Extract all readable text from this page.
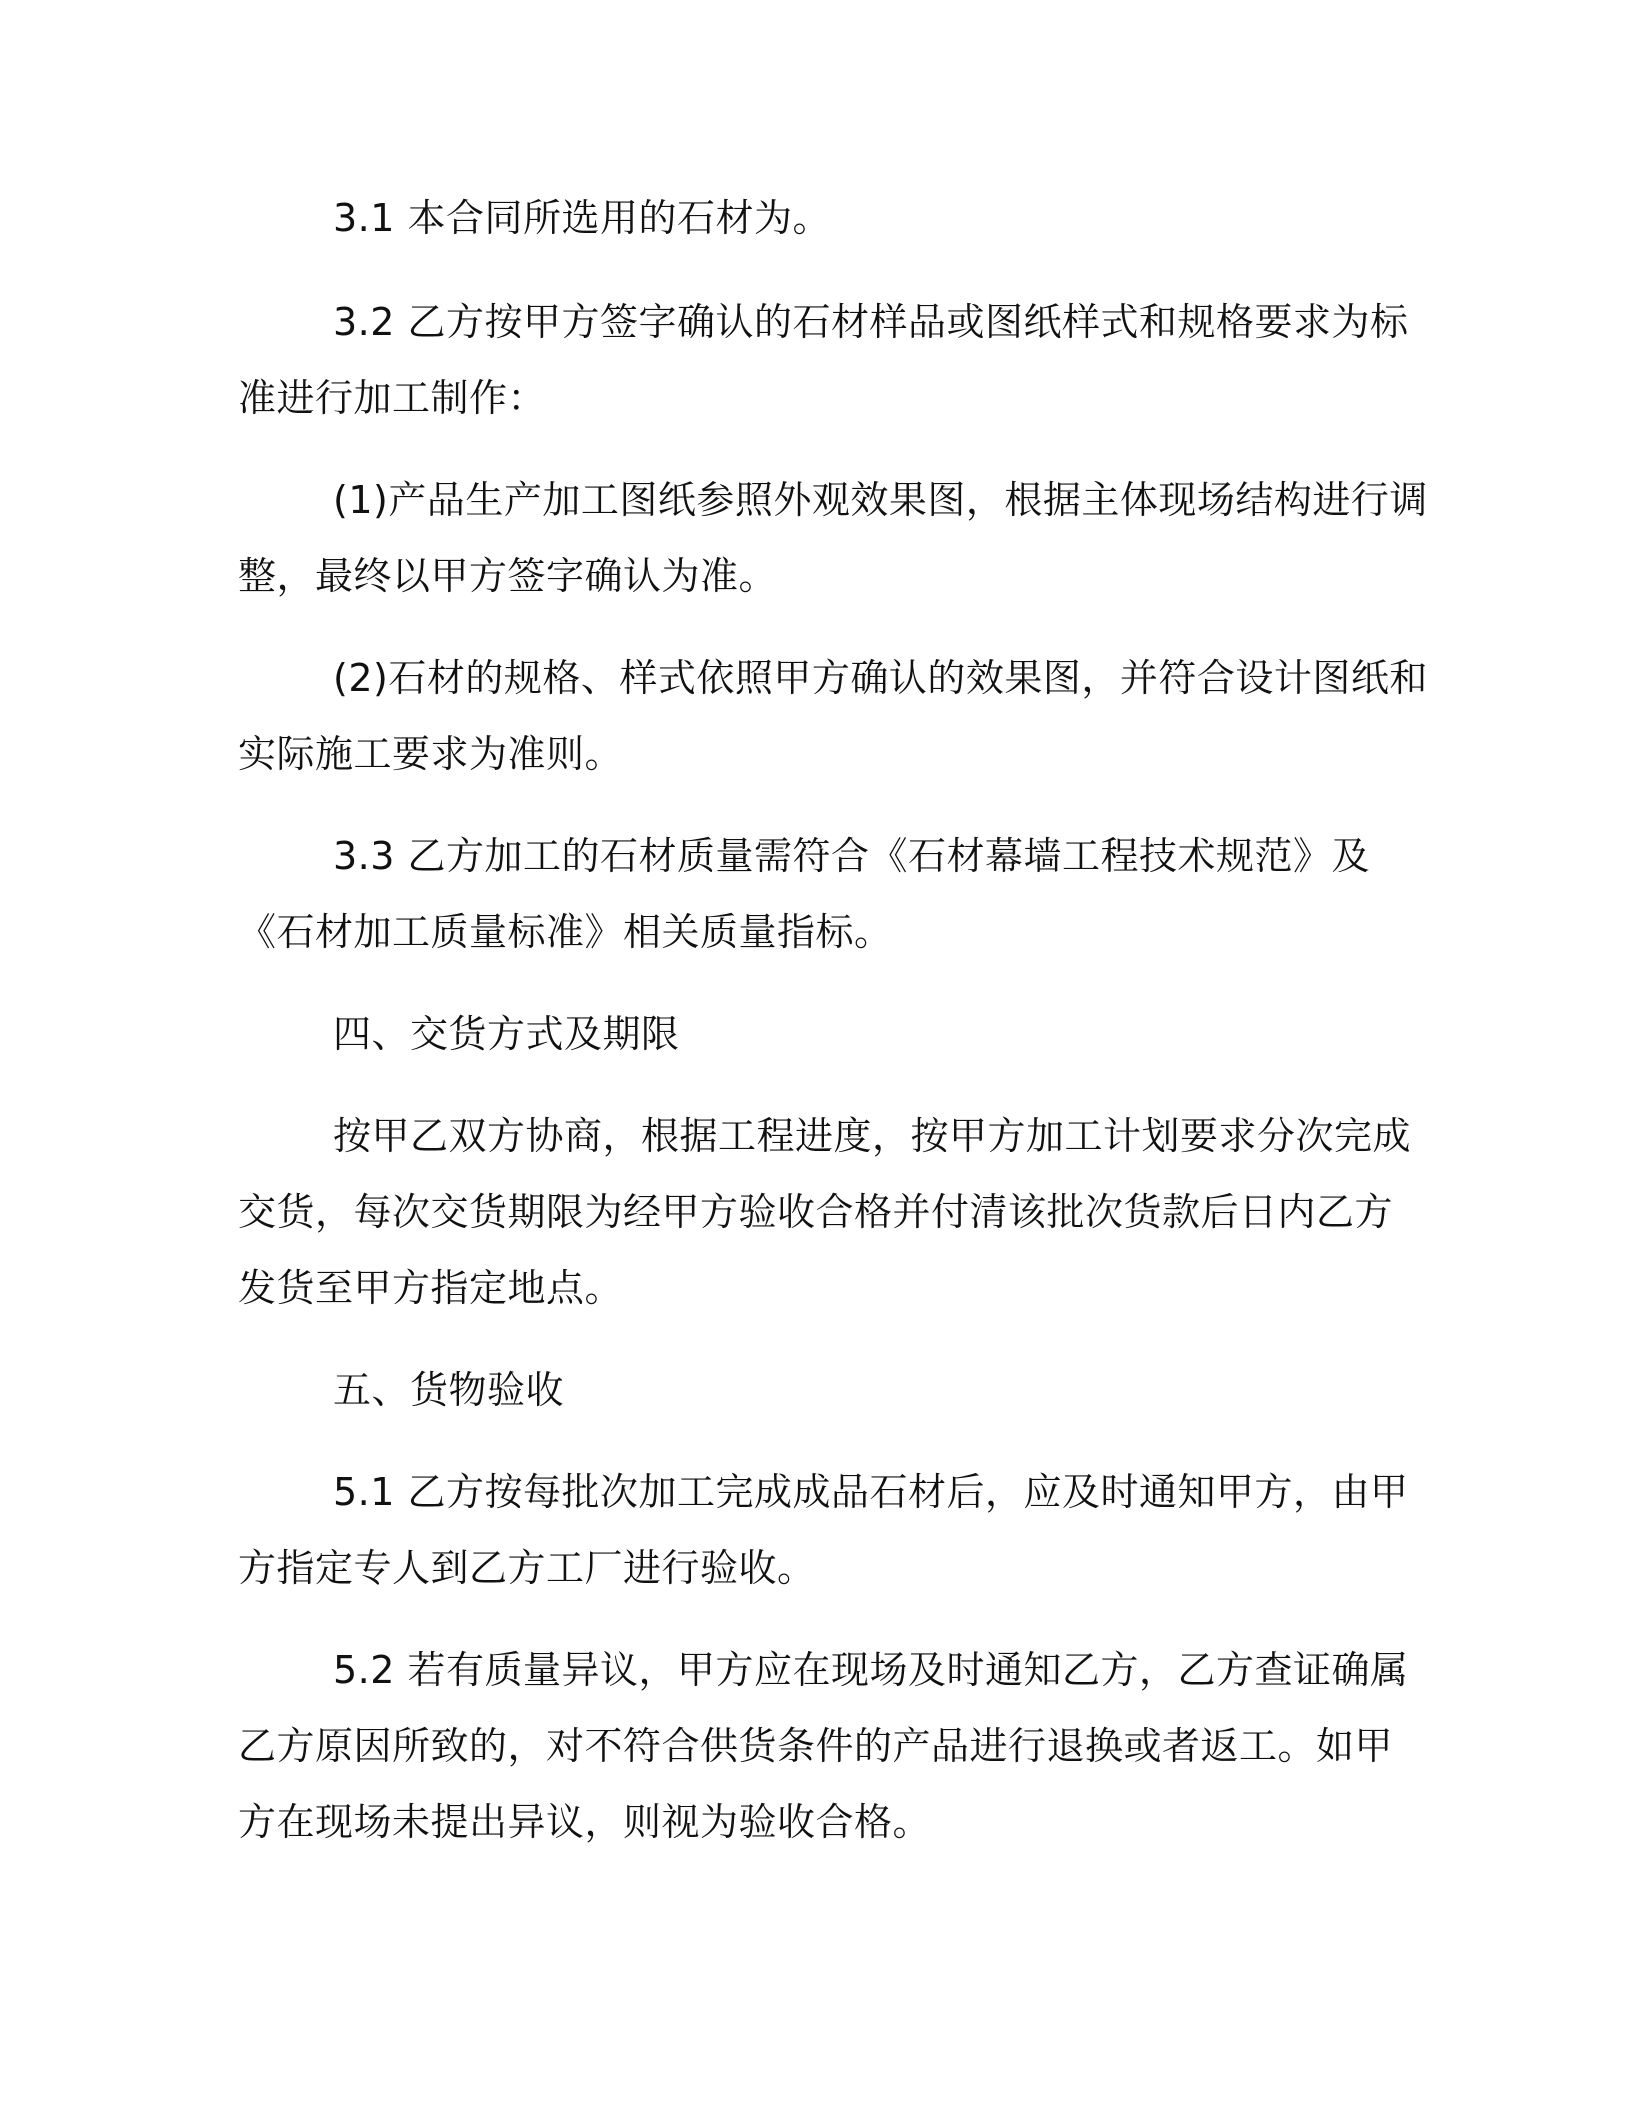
3.1 本合同所选用的石材为。
3.2 乙方按甲方签字确认的石材样品或图纸样式和规格要求为标
准进行加工制作：
(1)产品生产加工图纸参照外观效果图，根据主体现场结构进行调
整，最终以甲方签字确认为准。
(2)石材的规格、样式依照甲方确认的效果图，并符合设计图纸和
实际施工要求为准则。
3.3 乙方加工的石材质量需符合《石材幕墙工程技术规范》及
《石材加工质量标准》相关质量指标。
四、交货方式及期限
按甲乙双方协商，根据工程进度，按甲方加工计划要求分次完成
交货，每次交货期限为经甲方验收合格并付清该批次货款后日内乙方
发货至甲方指定地点。
五、货物验收
5.1 乙方按每批次加工完成成品石材后，应及时通知甲方，由甲
方指定专人到乙方工厂进行验收。
5.2 若有质量异议，甲方应在现场及时通知乙方，乙方查证确属
乙方原因所致的，对不符合供货条件的产品进行退换或者返工。如甲
方在现场未提出异议，则视为验收合格。
